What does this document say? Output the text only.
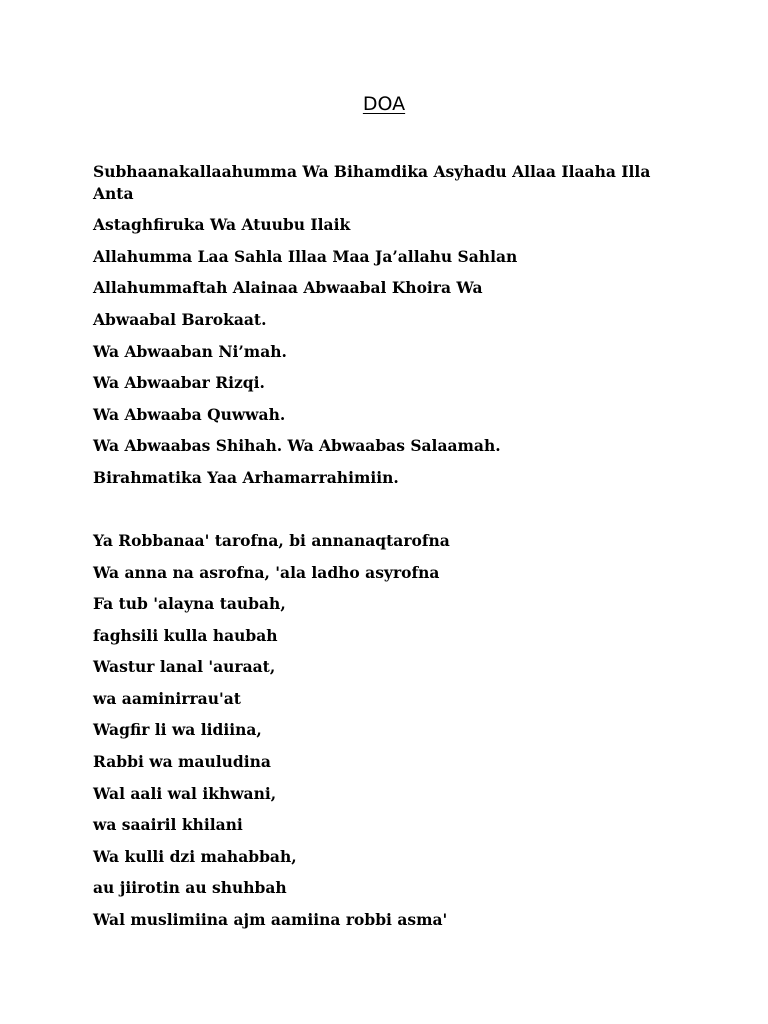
DOA

Subhaanakallaahumma Wa Bihamdika Asyhadu Allaa Ilaaha Illa

Anta

Astaghfiruka Wa Atuubu Ilaik

Allahumma Laa Sahla Illaa Maa Ja’allahu Sahlan

Allahummaftah Alainaa Abwaabal Khoira Wa

Abwaabal Barokaat.

Wa Abwaaban Ni’mah.

Wa Abwaabar Rizqi.

Wa Abwaaba Quwwah.

Wa Abwaabas Shihah. Wa Abwaabas Salaamah.

Birahmatika Yaa Arhamarrahimiin.

Ya Robbanaa' tarofna, bi annanaqtarofna

Wa anna na asrofna, 'ala ladho asyrofna

Fa tub 'alayna taubah,

faghsili kulla haubah

Wastur lanal 'auraat,

wa aaminirrau'at

Wagfir li wa lidiina,

Rabbi wa mauludina

Wal aali wal ikhwani,

wa saairil khilani

Wa kulli dzi mahabbah,

au jiirotin au shuhbah

Wal muslimiina ajm aamiina robbi asma'
